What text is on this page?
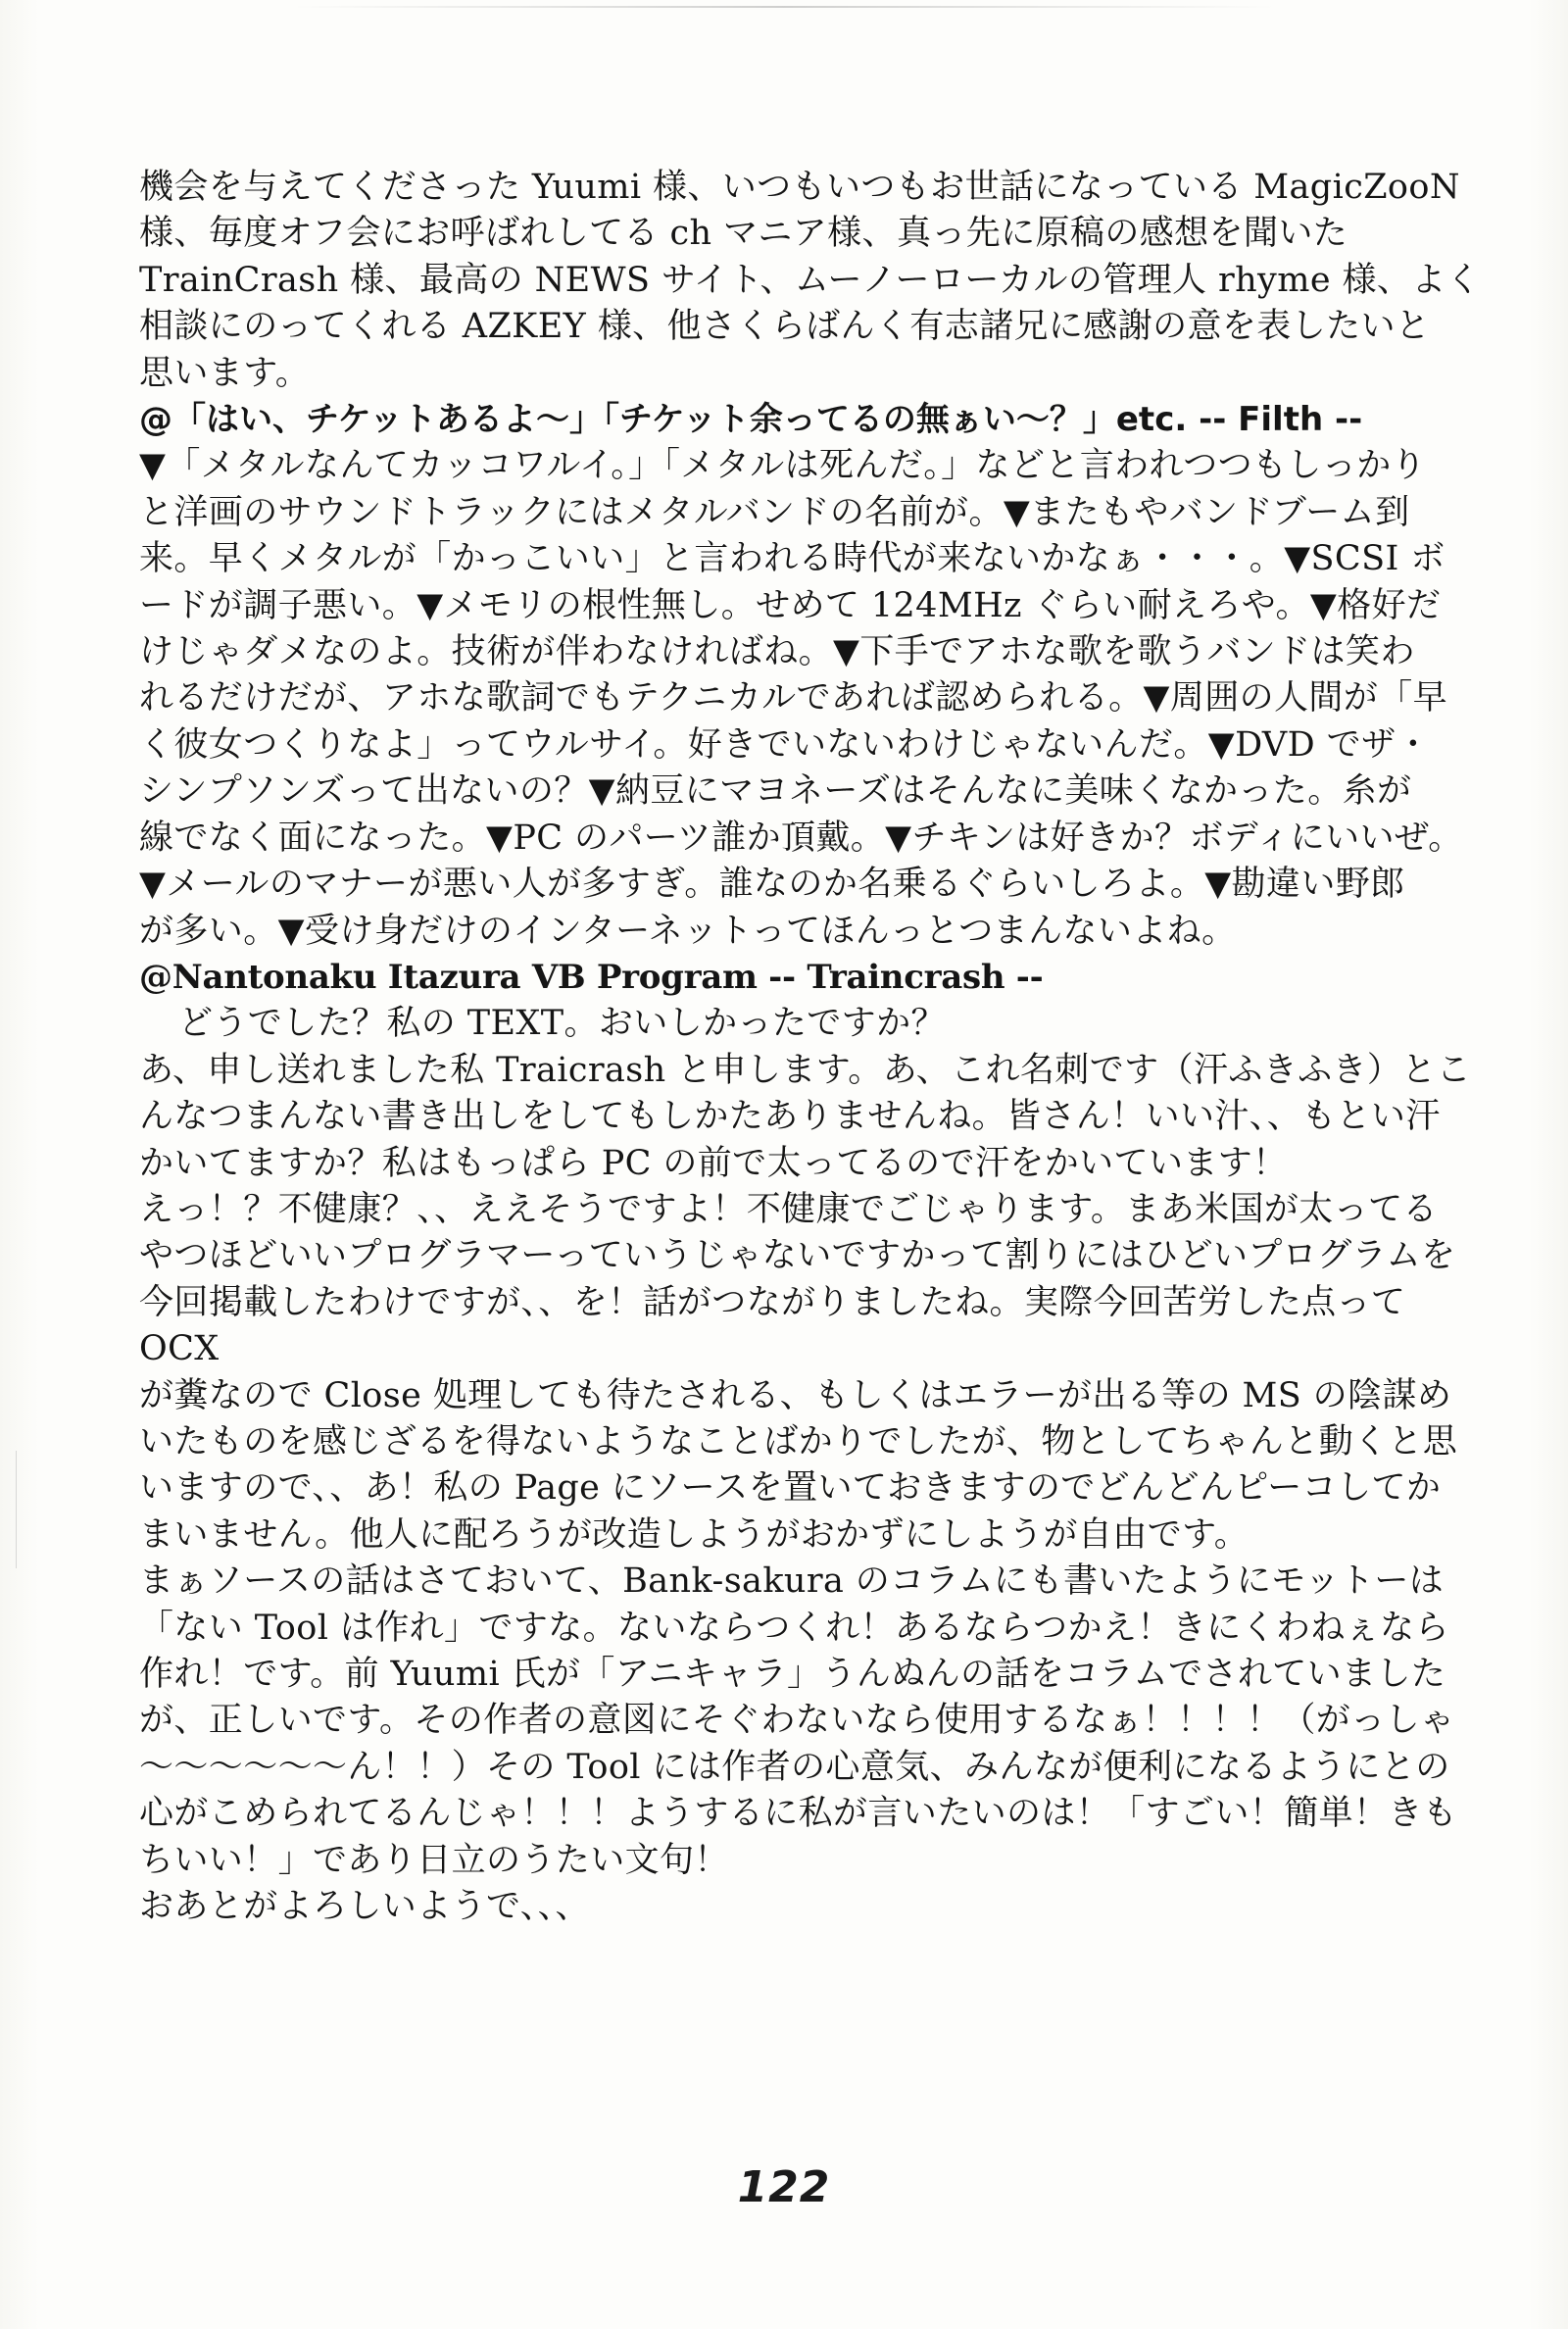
機会を与えてくださった Yuumi 様、いつもいつもお世話になっている MagicZooN
様、毎度オフ会にお呼ばれしてる ch マニア様、真っ先に原稿の感想を聞いた
TrainCrash 様、最高の NEWS サイト、ムーノーローカルの管理人 rhyme 様、よく
相談にのってくれる AZKEY 様、他さくらばんく有志諸兄に感謝の意を表したいと
思います。

@「はい、チケットあるよ～」「チケット余ってるの無ぁい～？」etc. -- Filth --

▼「メタルなんてカッコワルイ。」「メタルは死んだ。」などと言われつつもしっかり
と洋画のサウンドトラックにはメタルバンドの名前が。▼またもやバンドブーム到
来。早くメタルが「かっこいい」と言われる時代が来ないかなぁ・・・。▼SCSI ボ
ードが調子悪い。▼メモリの根性無し。せめて 124MHz ぐらい耐えろや。▼格好だ
けじゃダメなのよ。技術が伴わなければね。▼下手でアホな歌を歌うバンドは笑わ
れるだけだが、アホな歌詞でもテクニカルであれば認められる。▼周囲の人間が「早
く彼女つくりなよ」ってウルサイ。好きでいないわけじゃないんだ。▼DVD でザ・
シンプソンズって出ないの？▼納豆にマヨネーズはそんなに美味くなかった。糸が
線でなく面になった。▼PC のパーツ誰か頂戴。▼チキンは好きか？ボディにいいぜ。
▼メールのマナーが悪い人が多すぎ。誰なのか名乗るぐらいしろよ。▼勘違い野郎
が多い。▼受け身だけのインターネットってほんっとつまんないよね。

@Nantonaku Itazura VB Program -- Traincrash --

どうでした？私の TEXT。おいしかったですか？

あ、申し送れました私 Traicrash と申します。あ、これ名刺です（汗ふきふき）とこ
んなつまんない書き出しをしてもしかたありませんね。皆さん！いい汁、、もとい汗
かいてますか？私はもっぱら PC の前で太ってるので汗をかいています！

えっ！？不健康？、、ええそうですよ！不健康でごじゃります。まあ米国が太ってる
やつほどいいプログラマーっていうじゃないですかって割りにはひどいプログラムを
今回掲載したわけですが、、を！話がつながりましたね。実際今回苦労した点って OCX
が糞なので Close 処理しても待たされる、もしくはエラーが出る等の MS の陰謀め
いたものを感じざるを得ないようなことばかりでしたが、物としてちゃんと動くと思
いますので、、あ！私の Page にソースを置いておきますのでどんどんピーコしてか
まいません。他人に配ろうが改造しようがおかずにしようが自由です。

まぁソースの話はさておいて、Bank-sakura のコラムにも書いたようにモットーは
「ない Tool は作れ」ですな。ないならつくれ！あるならつかえ！きにくわねぇなら
作れ！です。前 Yuumi 氏が「アニキャラ」うんぬんの話をコラムでされていました
が、正しいです。その作者の意図にそぐわないなら使用するなぁ！！！！（がっしゃ
～～～～～～ん！！）その Tool には作者の心意気、みんなが便利になるようにとの
心がこめられてるんじゃ！！！ようするに私が言いたいのは！「すごい！簡単！きも
ちいい！」であり日立のうたい文句！

おあとがよろしいようで、、、

122
